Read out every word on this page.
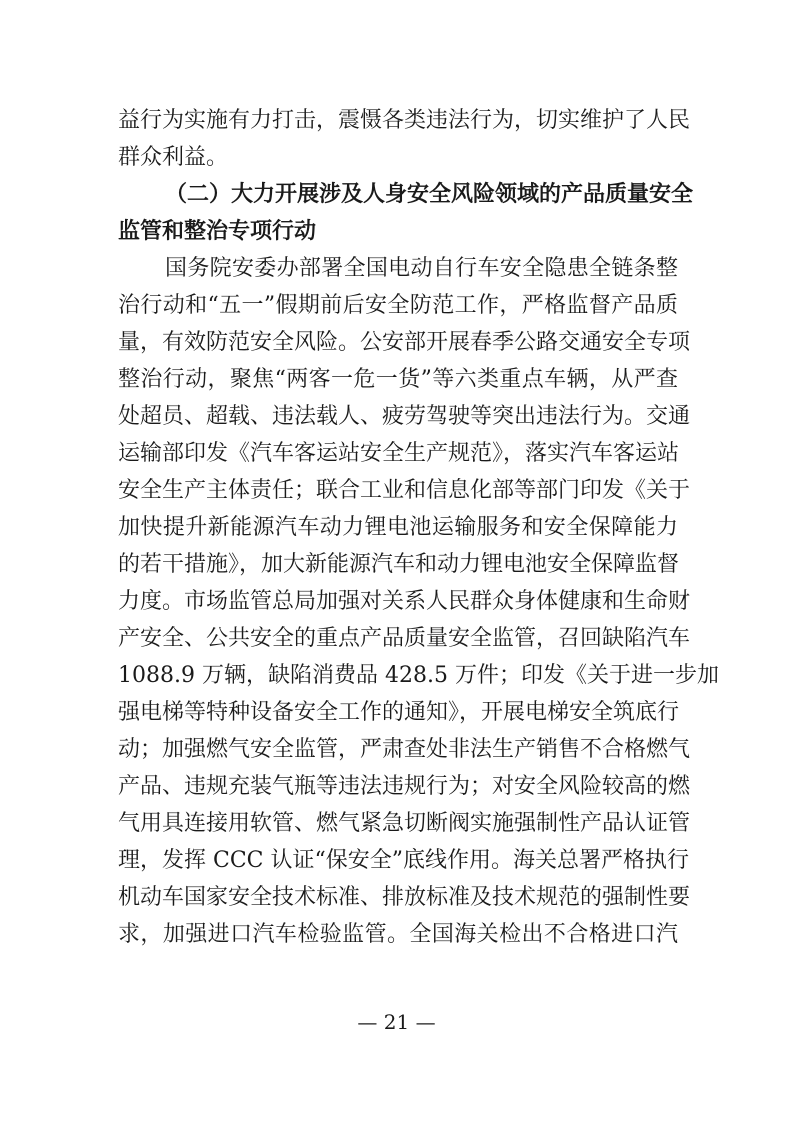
益行为实施有力打击，震慑各类违法行为，切实维护了人民
群众利益。
（二）大力开展涉及人身安全风险领域的产品质量安全
监管和整治专项行动
国务院安委办部署全国电动自行车安全隐患全链条整
治行动和“五一”假期前后安全防范工作，严格监督产品质
量，有效防范安全风险。公安部开展春季公路交通安全专项
整治行动，聚焦“两客一危一货”等六类重点车辆，从严查
处超员、超载、违法载人、疲劳驾驶等突出违法行为。交通
运输部印发《汽车客运站安全生产规范》，落实汽车客运站
安全生产主体责任；联合工业和信息化部等部门印发《关于
加快提升新能源汽车动力锂电池运输服务和安全保障能力
的若干措施》，加大新能源汽车和动力锂电池安全保障监督
力度。市场监管总局加强对关系人民群众身体健康和生命财
产安全、公共安全的重点产品质量安全监管，召回缺陷汽车
1088.9 万辆，缺陷消费品 428.5 万件；印发《关于进一步加
强电梯等特种设备安全工作的通知》，开展电梯安全筑底行
动；加强燃气安全监管，严肃查处非法生产销售不合格燃气
产品、违规充装气瓶等违法违规行为；对安全风险较高的燃
气用具连接用软管、燃气紧急切断阀实施强制性产品认证管
理，发挥 CCC 认证“保安全”底线作用。海关总署严格执行
机动车国家安全技术标准、排放标准及技术规范的强制性要
求，加强进口汽车检验监管。全国海关检出不合格进口汽
— 21 —
